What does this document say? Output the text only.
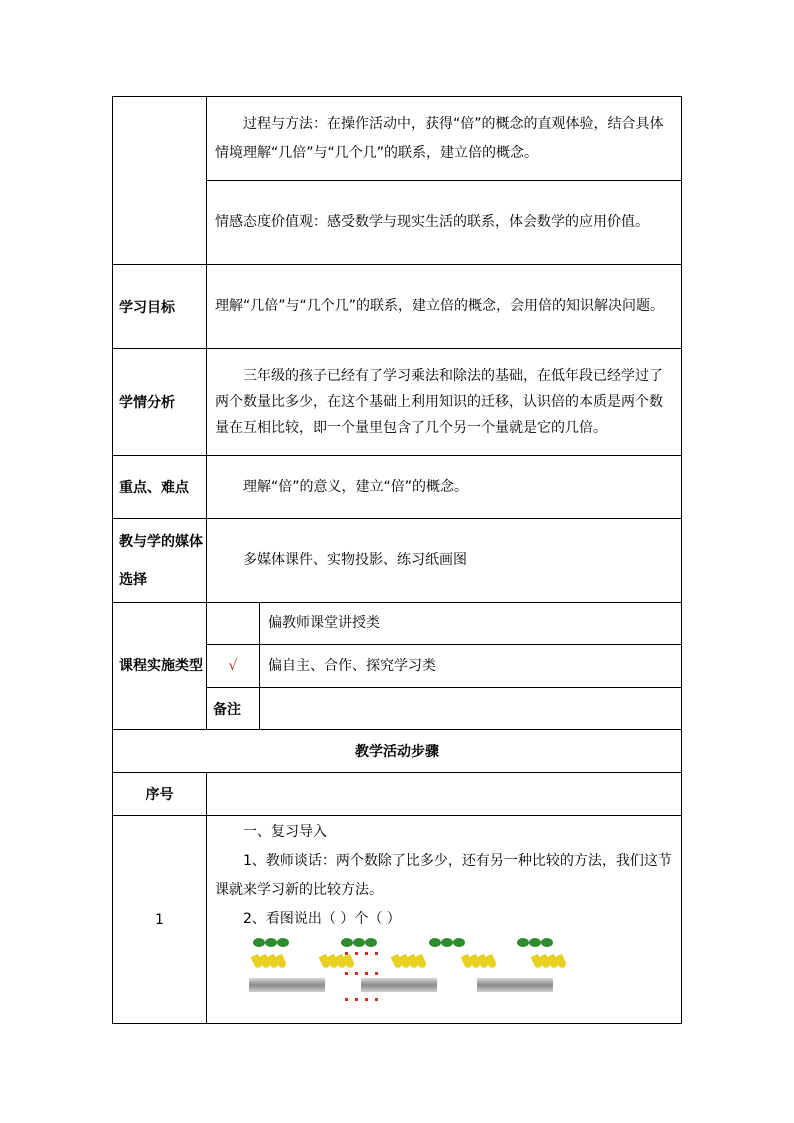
	过程与方法：在操作活动中，获得“倍”的概念的直观体验，结合具体情境理解“几倍”与“几个几”的联系，建立倍的概念。	
	情感态度价值观：感受数学与现实生活的联系，体会数学的应用价值。	
学习目标	理解“几倍”与“几个几”的联系，建立倍的概念，会用倍的知识解决问题。	
学情分析	三年级的孩子已经有了学习乘法和除法的基础，在低年段已经学过了两个数量比多少，在这个基础上利用知识的迁移，认识倍的本质是两个数量在互相比较，即一个量里包含了几个另一个量就是它的几倍。	
重点、难点	理解“倍”的意义，建立“倍”的概念。	
教与学的媒体选择	多媒体课件、实物投影、练习纸画图	
课程实施类型		偏教师课堂讲授类
	√	偏自主、合作、探究学习类
	备注	
教学活动步骤		
序号		
1	一、复习导入
1、教师谈话：两个数除了比多少，还有另一种比较的方法，我们这节课就来学习新的比较方法。
2、看图说出（ ）个（ ）	
